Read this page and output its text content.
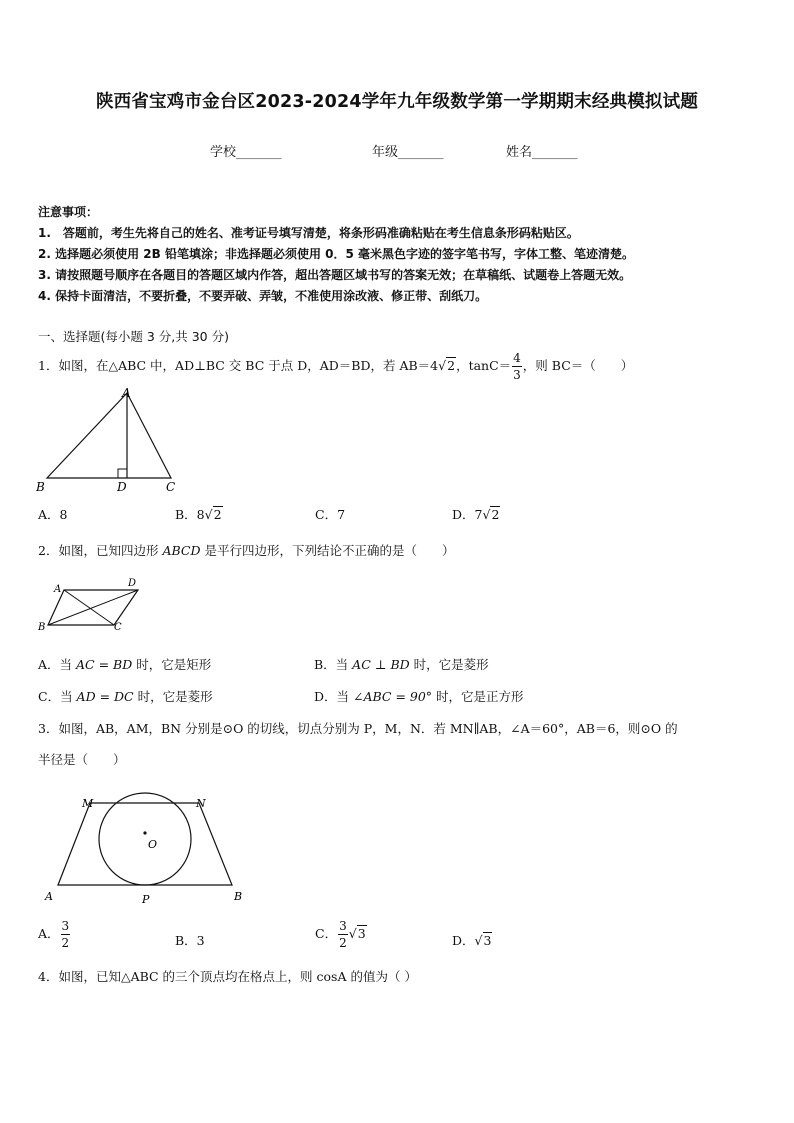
陕西省宝鸡市金台区2023-2024学年九年级数学第一学期期末经典模拟试题
学校_______	年级_______	姓名_______
注意事项：
1.　答题前，考生先将自己的姓名、准考证号填写清楚，将条形码准确粘贴在考生信息条形码粘贴区。
2. 选择题必须使用 2B 铅笔填涂；非选择题必须使用 0．5 毫米黑色字迹的签字笔书写，字体工整、笔迹清楚。
3. 请按照题号顺序在各题目的答题区域内作答，超出答题区域书写的答案无效；在草稿纸、试题卷上答题无效。
4. 保持卡面清洁，不要折叠，不要弄破、弄皱，不准使用涂改液、修正带、刮纸刀。
一、选择题(每小题 3 分,共 30 分)
1．如图，在△ABC 中，AD⊥BC 交 BC 于点 D，AD＝BD，若 AB＝4√2，$\tan C= \frac{4}{3}$ ，则 BC＝（　　）
A
B	D	C
A．8	B．8√2	C．7	D．7√2
2．如图，已知四边形 ABCD 是平行四边形，下列结论不正确的是（　　）
A
D
B	C
A．当 AC = BD 时，它是矩形	B．当 AC ⊥ BD 时，它是菱形
C．当 AD = DC 时，它是菱形	D．当 ∠ABC = 90° 时，它是正方形
3．如图，AB，AM，BN 分别是⊙O 的切线，切点分别为 P，M，N．若 MN∥AB，∠A＝60°，AB＝6，则⊙O 的
半径是（　　）
M	N
O
A	P	B
A． $\frac{3}{2}$	B．3	C． $\frac{3}{2} √3$	D．√3
4．如图，已知△ABC 的三个顶点均在格点上，则 cosA 的值为（ ）
